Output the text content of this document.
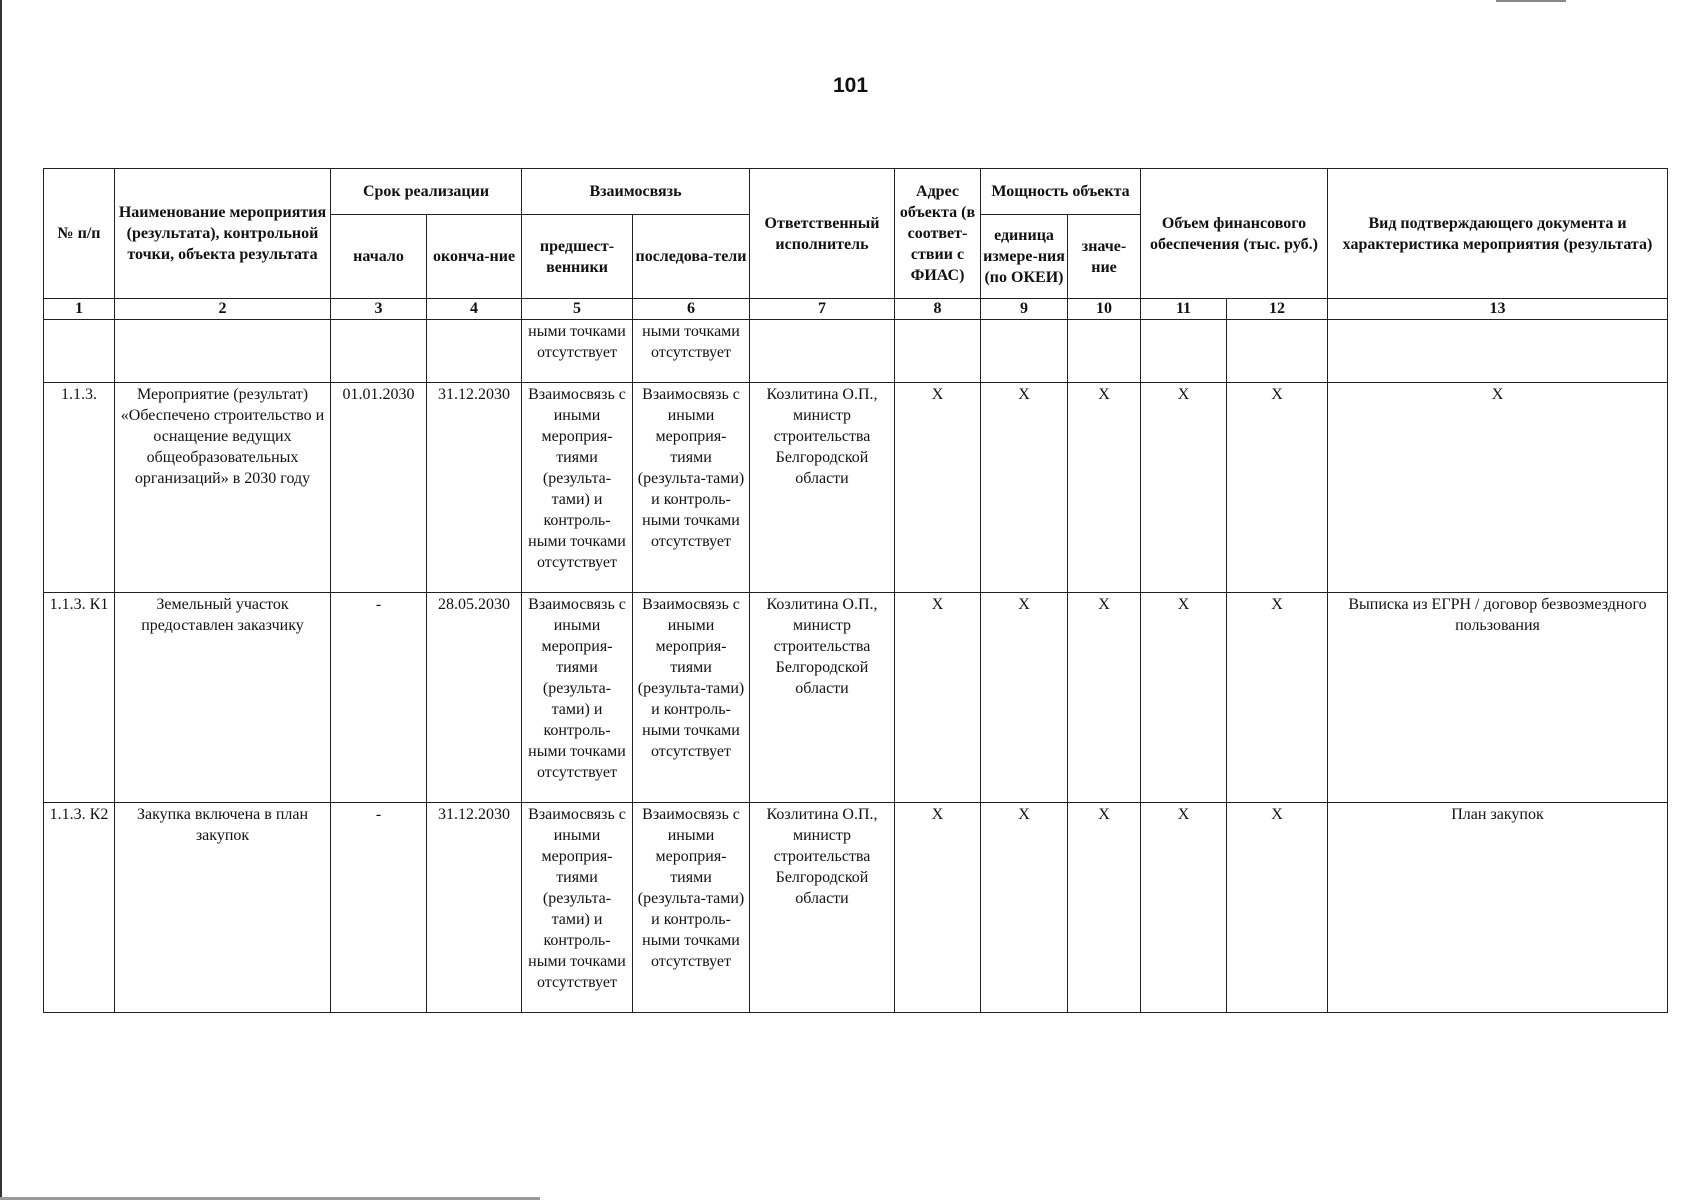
101
№ п/п	Наименование мероприятия (результата), контрольной точки, объекта результата	Срок реализации		Взаимосвязь		Ответственный исполнитель	Адрес объекта (в соответ-ствии с ФИАС)	Мощность объекта		Объем финансового обеспечения (тыс. руб.)		Вид подтверждающего документа и характеристика мероприятия (результата)
		начало	оконча-ние	предшест-венники	последова-тели			единица измере-ния (по ОКЕИ)	значе-ние			
1	2	3	4	5	6	7	8	9	10	11	12	13
				ными точками отсутствует	ными точками отсутствует							
1.1.3.	Мероприятие (результат) «Обеспечено строительство и оснащение ведущих общеобразовательных организаций» в 2030 году	01.01.2030	31.12.2030	Взаимосвязь с иными мероприя-тиями (результа-тами) и контроль-ными точками отсутствует	Взаимосвязь с иными мероприя-тиями (результа-тами) и контроль-ными точками отсутствует	Козлитина О.П., министр строительства Белгородской области	X	X	X	X	X	X
1.1.3. К1	Земельный участок предоставлен заказчику	-	28.05.2030	Взаимосвязь с иными мероприя-тиями (результа-тами) и контроль-ными точками отсутствует	Взаимосвязь с иными мероприя-тиями (результа-тами) и контроль-ными точками отсутствует	Козлитина О.П., министр строительства Белгородской области	X	X	X	X	X	Выписка из ЕГРН / договор безвозмездного пользования
1.1.3. К2	Закупка включена в план закупок	-	31.12.2030	Взаимосвязь с иными мероприя-тиями (результа-тами) и контроль-ными точками отсутствует	Взаимосвязь с иными мероприя-тиями (результа-тами) и контроль-ными точками отсутствует	Козлитина О.П., министр строительства Белгородской области	X	X	X	X	X	План закупок
